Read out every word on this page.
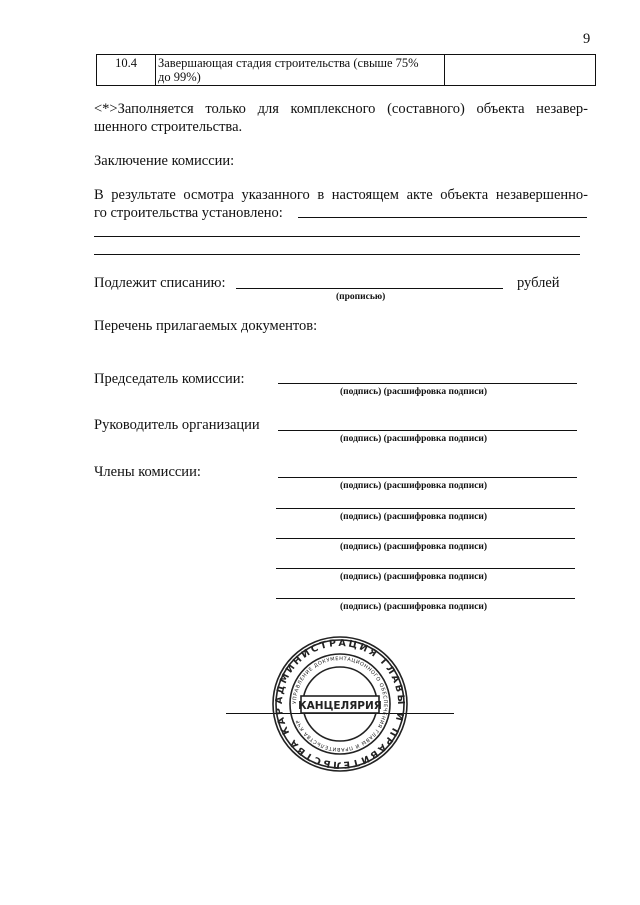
9
10.4	Завершающая стадия строительства (свыше 75%
до 99%)

<*>Заполняется только для комплексного (составного) объекта незавер-
шенного строительства.
Заключение комиссии:
В результате осмотра указанного в настоящем акте объекта незавершенно-
го строительства установлено:
Подлежит списанию:	рублей
(прописью)
Перечень прилагаемых документов:
Председатель комиссии:
(подпись) (расшифровка подписи)
Руководитель организации
(подпись) (расшифровка подписи)
Члены комиссии:
(подпись) (расшифровка подписи)
(подпись) (расшифровка подписи)
(подпись) (расшифровка подписи)
(подпись) (расшифровка подписи)
(подпись) (расшифровка подписи)
АДМИНИСТРАЦИЯ ГЛАВЫ И ПРАВИТЕЛЬСТВА КАР
УПРАВЛЕНИЕ ДОКУМЕНТАЦИОННОГО ОБЕСПЕЧЕНИЯ ГЛАВЫ И ПРАВИТЕЛЬСТВА КЧР
КАНЦЕЛЯРИЯ
